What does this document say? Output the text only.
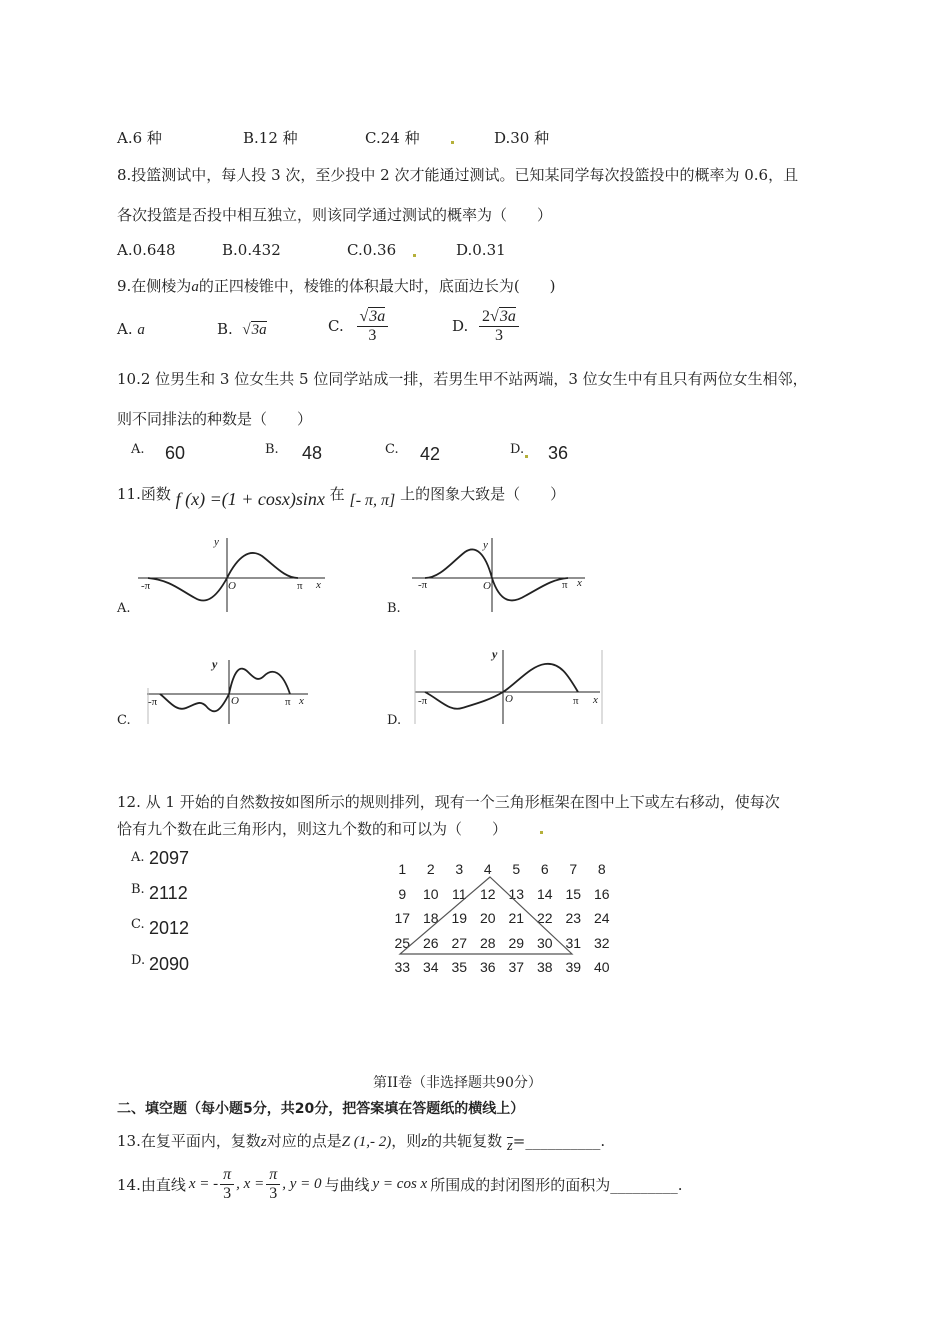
A.6 种	B.12 种	C.24 种	D.30 种
8.投篮测试中，每人投 3 次，至少投中 2 次才能通过测试。已知某同学每次投篮投中的概率为 0.6，且
各次投篮是否投中相互独立，则该同学通过测试的概率为（　　）
A.0.648	B.0.432	C.0.36	D.0.31
9.在侧棱为a的正四棱锥中，棱锥的体积最大时，底面边长为(　　)
A. a	B. √3a	C. $\frac{√3a}{3}$	D. $\frac{2√3a}{3}$
10.2 位男生和 3 位女生共 5 位同学站成一排，若男生甲不站两端，3 位女生中有且只有两位女生相邻，
则不同排法的种数是（　　）
A. 60	B. 48	C. 42	D. 36
11.函数 f (x) =(1 + cosx)sinx 在 [- π, π] 上的图象大致是（　　）
y
x
O
-π	π
y
x
O
-π	π
y
x
O
-π	π
y
x
O
-π	π
A.	B.
C.	D.
12. 从 1 开始的自然数按如图所示的规则排列，现有一个三角形框架在图中上下或左右移动，使每次
恰有九个数在此三角形内，则这九个数的和可以为（　　）
A. 2097
B. 2112
C. 2012
D. 2090
1	2	3	4	5	6	7	8
9	10	11	12	13	14	15	16
17	18	19	20	21	22	23	24
25	26	27	28	29	30	31	32
33	34	35	36	37	38	39	40
第II卷（非选择题共90分）
二、填空题（每小题5分，共20分，把答案填在答题纸的横线上）
13.在复平面内，复数z对应的点是Z (1,- 2)，则z的共轭复数 $\overline{z}=\_\_\_\_\_\_\_\_\_\_$.
14.由直线 x = - $\frac{\pi}{3}$ , $x = \frac{\pi}{3}$ , y = 0 与曲线 y = cos x 所围成的封闭图形的面积为_________.
